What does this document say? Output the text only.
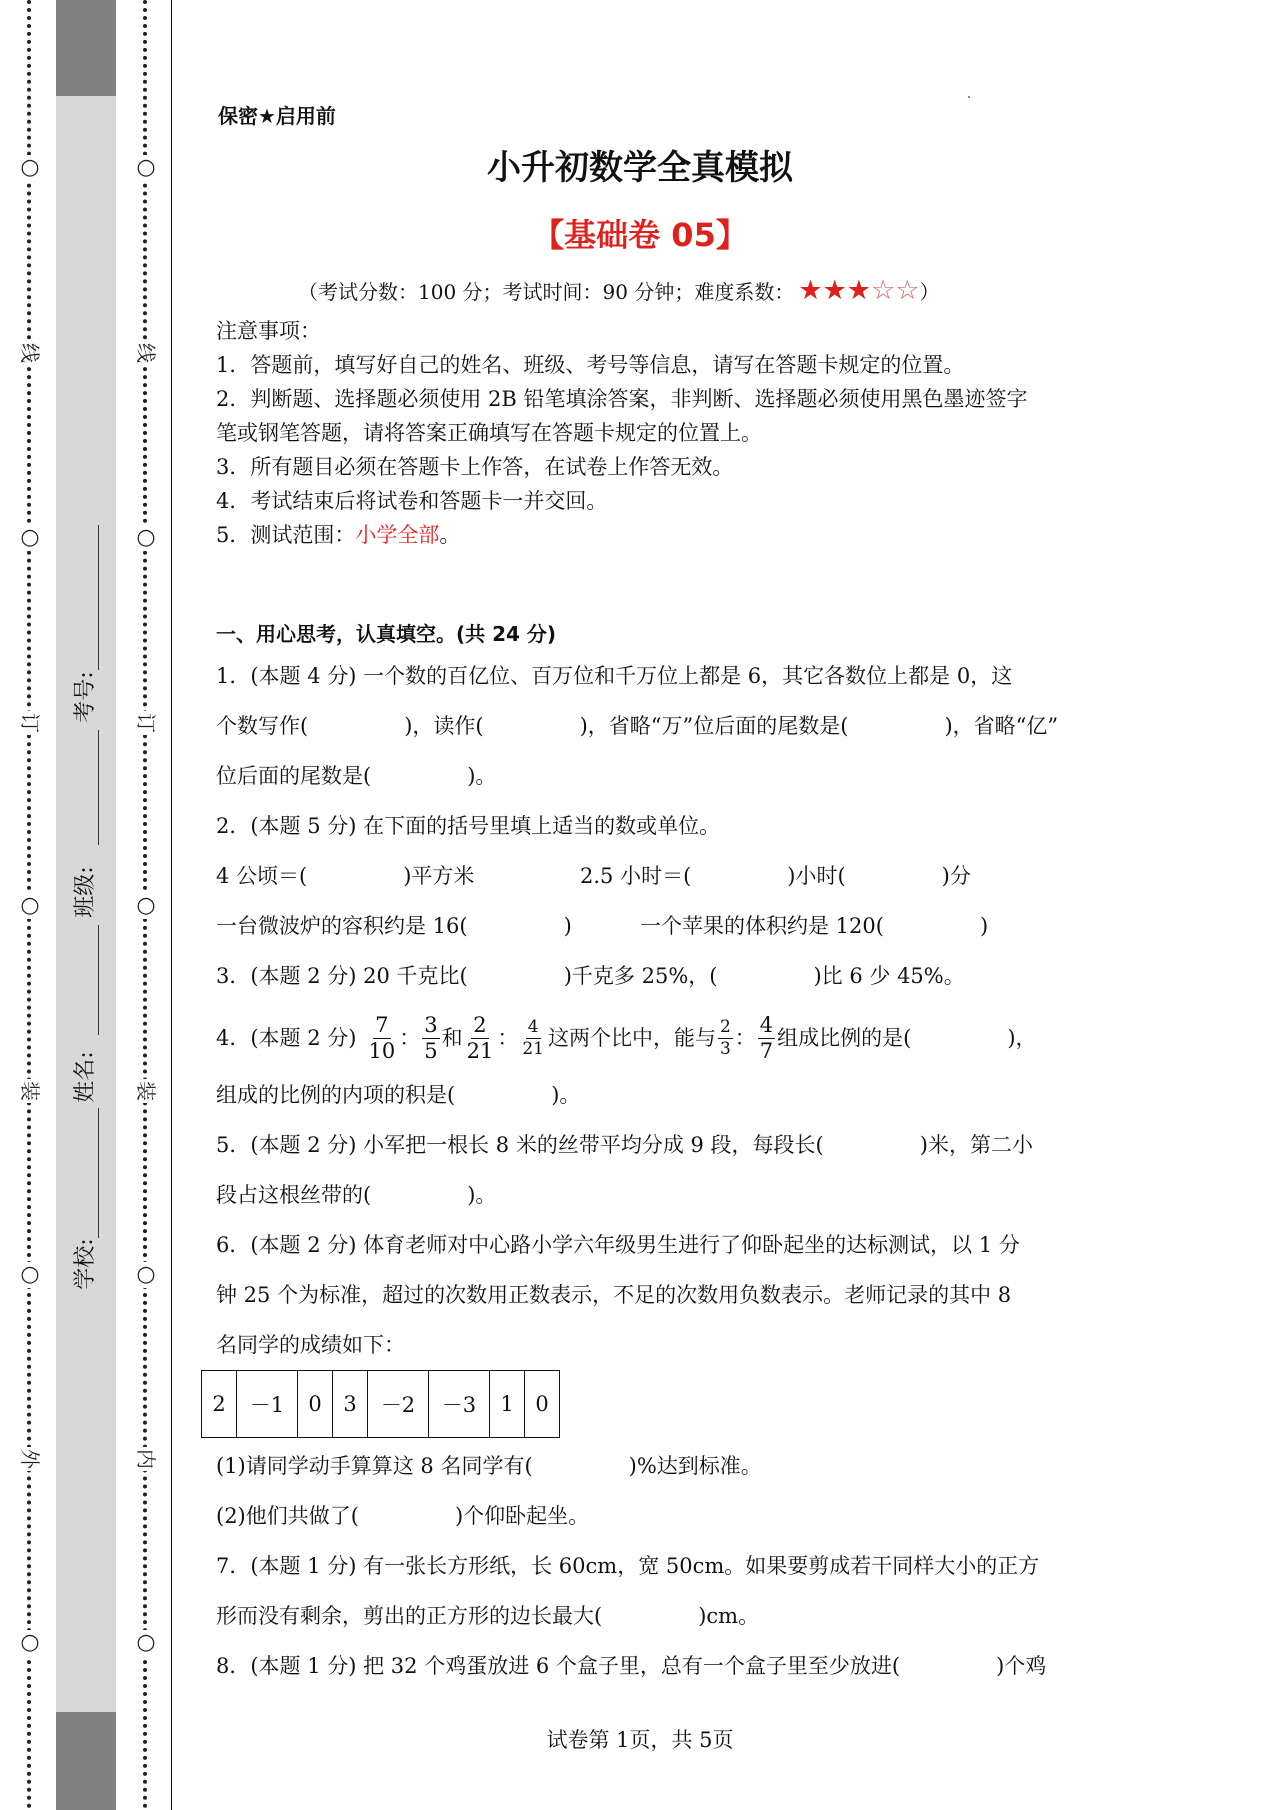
○
线
○
订
○
装
○
外
○
考号:
班级:
姓名:
学校:
○
线
○
订
○
装
○
内
○
保密★启用前
小升初数学全真模拟
【基础卷 05】
（考试分数：100 分；考试时间：90 分钟；难度系数： ★ ★ ★ ☆ ☆ ）
注意事项：
1．答题前，填写好自己的姓名、班级、考号等信息，请写在答题卡规定的位置。
2．判断题、选择题必须使用 2B 铅笔填涂答案，非判断、选择题必须使用黑色墨迹签字
笔或钢笔答题，请将答案正确填写在答题卡规定的位置上。
3．所有题目必须在答题卡上作答，在试卷上作答无效。
4．考试结束后将试卷和答题卡一并交回。
5．测试范围：小学全部。
一、用心思考，认真填空。(共 24 分)
1．(本题 4 分) 一个数的百亿位、百万位和千万位上都是 6，其它各数位上都是 0，这
个数写作(	)，读作(	)，省略“万”位后面的尾数是(	)，省略“亿”
位后面的尾数是(	)。
2．(本题 5 分) 在下面的括号里填上适当的数或单位。
4 公顷＝(	)平方米	2.5 小时＝(	)小时(	)分
一台微波炉的容积约是 16(	)	一个苹果的体积约是 120(	)
3．(本题 2 分) 20 千克比(	)千克多 25%，(	)比 6 少 45%。
4．(本题 2 分) $\frac{7}{10}$ ： $\frac{3}{5}$ 和 $\frac{2}{21}$ ： $\frac{4}{21}$ 这两个比中，能与 $\frac{2}{3}$ ： $\frac{4}{7}$ 组成比例的是(	)，
组成的比例的内项的积是(	)。
5．(本题 2 分) 小军把一根长 8 米的丝带平均分成 9 段，每段长(	)米，第二小
段占这根丝带的(	)。
6．(本题 2 分) 体育老师对中心路小学六年级男生进行了仰卧起坐的达标测试，以 1 分
钟 25 个为标准，超过的次数用正数表示，不足的次数用负数表示。老师记录的其中 8
名同学的成绩如下：
2	－1	0	3	－2	－3	1	0
(1)请同学动手算算这 8 名同学有(	)%达到标准。
(2)他们共做了(	)个仰卧起坐。
7．(本题 1 分) 有一张长方形纸，长 60cm，宽 50cm。如果要剪成若干同样大小的正方
形而没有剩余，剪出的正方形的边长最大(	)cm。
8．(本题 1 分) 把 32 个鸡蛋放进 6 个盒子里，总有一个盒子里至少放进(	)个鸡
试卷第 1页，共 5页
